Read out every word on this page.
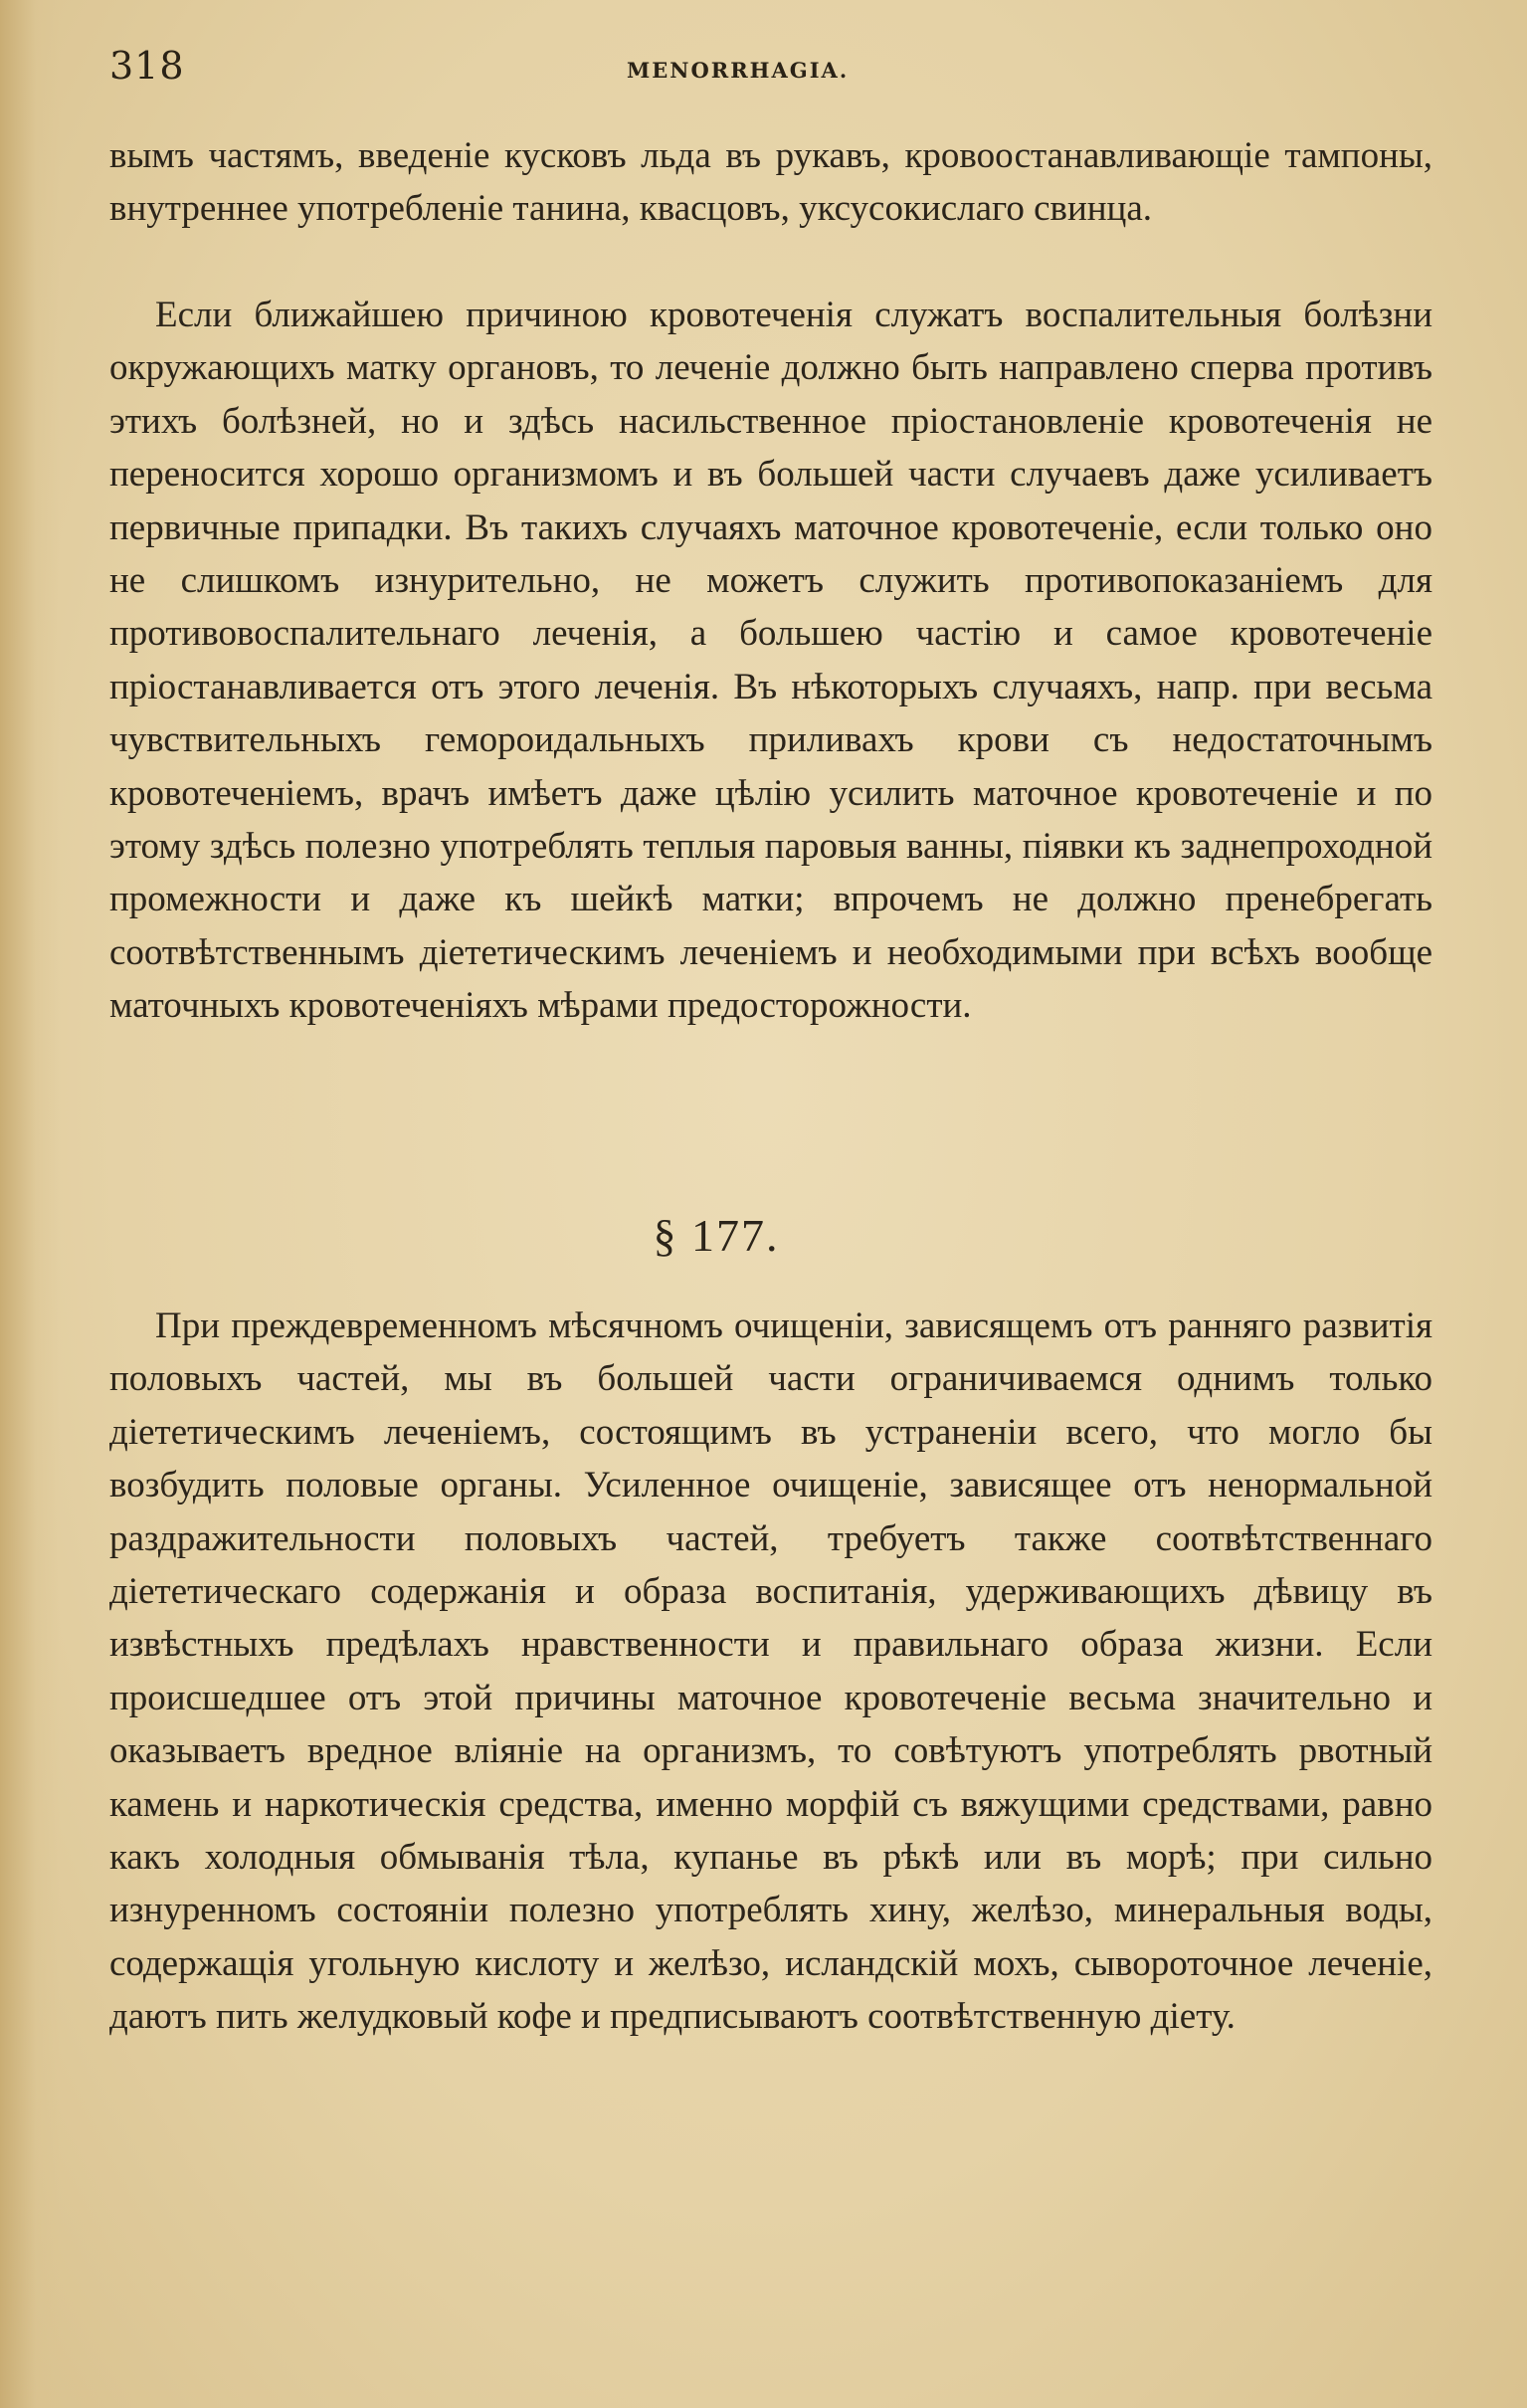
318	MENORRHAGIA.

вымъ частямъ, введеніе кусковъ льда въ рукавъ, кровоостанавливающіе тампоны, внутреннее употребленіе танина, квасцовъ, уксусокислаго свинца.

Если ближайшею причиною кровотеченія служатъ воспалительныя болѣзни окружающихъ матку органовъ, то леченіе должно быть направлено сперва противъ этихъ болѣзней, но и здѣсь насильственное пріостановленіе кровотеченія не переносится хорошо организмомъ и въ большей части случаевъ даже усиливаетъ первичные припадки. Въ такихъ случаяхъ маточное кровотеченіе, если только оно не слишкомъ изнурительно, не можетъ служить противопоказаніемъ для противовоспалительнаго леченія, а большею частію и самое кровотеченіе пріостанавливается отъ этого леченія. Въ нѣкоторыхъ случаяхъ, напр. при весьма чувствительныхъ гемороидальныхъ приливахъ крови съ недостаточнымъ кровотеченіемъ, врачъ имѣетъ даже цѣлію усилить маточное кровотеченіе и по этому здѣсь полезно употреблять теплыя паровыя ванны, піявки къ заднепроходной промежности и даже къ шейкѣ матки; впрочемъ не должно пренебрегать соотвѣтственнымъ діететическимъ леченіемъ и необходимыми при всѣхъ вообще маточныхъ кровотеченіяхъ мѣрами предосторожности.

§ 177.

При преждевременномъ мѣсячномъ очищеніи, зависящемъ отъ ранняго развитія половыхъ частей, мы въ большей части ограничиваемся однимъ только діететическимъ леченіемъ, состоящимъ въ устраненіи всего, что могло бы возбудить половые органы. Усиленное очищеніе, зависящее отъ ненормальной раздражительности половыхъ частей, требуетъ также соотвѣтственнаго діететическаго содержанія и образа воспитанія, удерживающихъ дѣвицу въ извѣстныхъ предѣлахъ нравственности и правильнаго образа жизни. Если происшедшее отъ этой причины маточное кровотеченіе весьма значительно и оказываетъ вредное вліяніе на организмъ, то совѣтуютъ употреблять рвотный камень и наркотическія средства, именно морфій съ вяжущими средствами, равно какъ холодныя обмыванія тѣла, купанье въ рѣкѣ или въ морѣ; при сильно изнуренномъ состояніи полезно употреблять хину, желѣзо, минеральныя воды, содержащія угольную кислоту и желѣзо, исландскій мохъ, сывороточное леченіе, даютъ пить желудковый кофе и предписываютъ соотвѣтственную діету.
